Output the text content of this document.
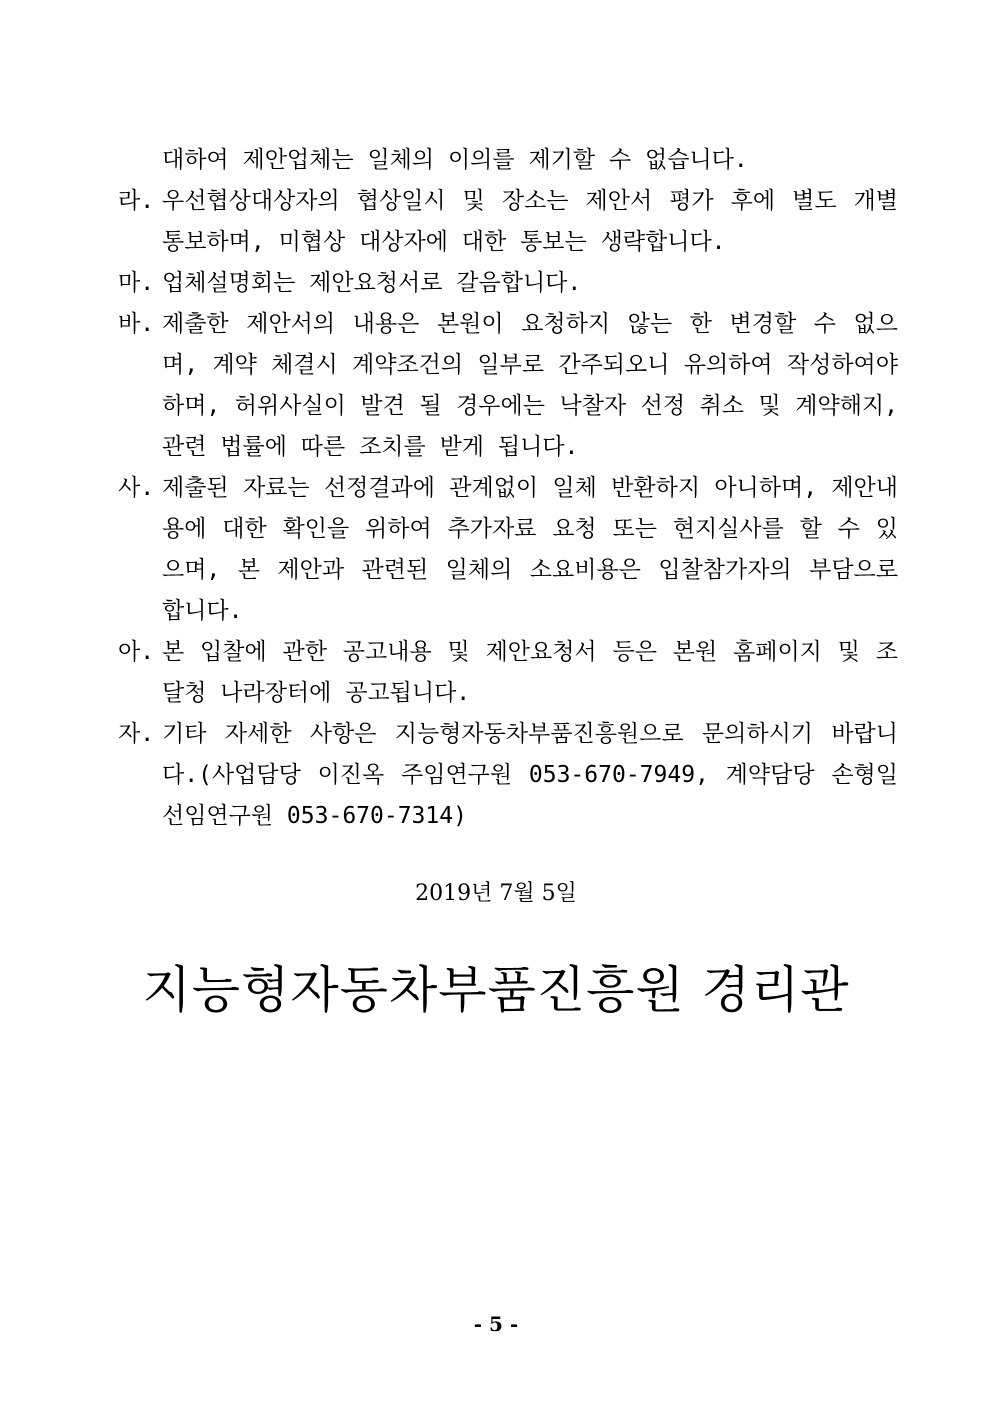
대하여 제안업체는 일체의 이의를 제기할 수 없습니다.
라. 우선협상대상자의 협상일시 및 장소는 제안서 평가 후에 별도 개별 통보하며, 미협상 대상자에 대한 통보는 생략합니다.
마. 업체설명회는 제안요청서로 갈음합니다.
바. 제출한 제안서의 내용은 본원이 요청하지 않는 한 변경할 수 없으며, 계약 체결시 계약조건의 일부로 간주되오니 유의하여 작성하여야 하며, 허위사실이 발견 될 경우에는 낙찰자 선정 취소 및 계약해지, 관련 법률에 따른 조치를 받게 됩니다.
사. 제출된 자료는 선정결과에 관계없이 일체 반환하지 아니하며, 제안내용에 대한 확인을 위하여 추가자료 요청 또는 현지실사를 할 수 있으며, 본 제안과 관련된 일체의 소요비용은 입찰참가자의 부담으로 합니다.
아. 본 입찰에 관한 공고내용 및 제안요청서 등은 본원 홈페이지 및 조달청 나라장터에 공고됩니다.
자. 기타 자세한 사항은 지능형자동차부품진흥원으로 문의하시기 바랍니다.(사업담당 이진옥 주임연구원 053-670-7949, 계약담당 손형일 선임연구원 053-670-7314)
2019년 7월 5일
지능형자동차부품진흥원 경리관
- 5 -
